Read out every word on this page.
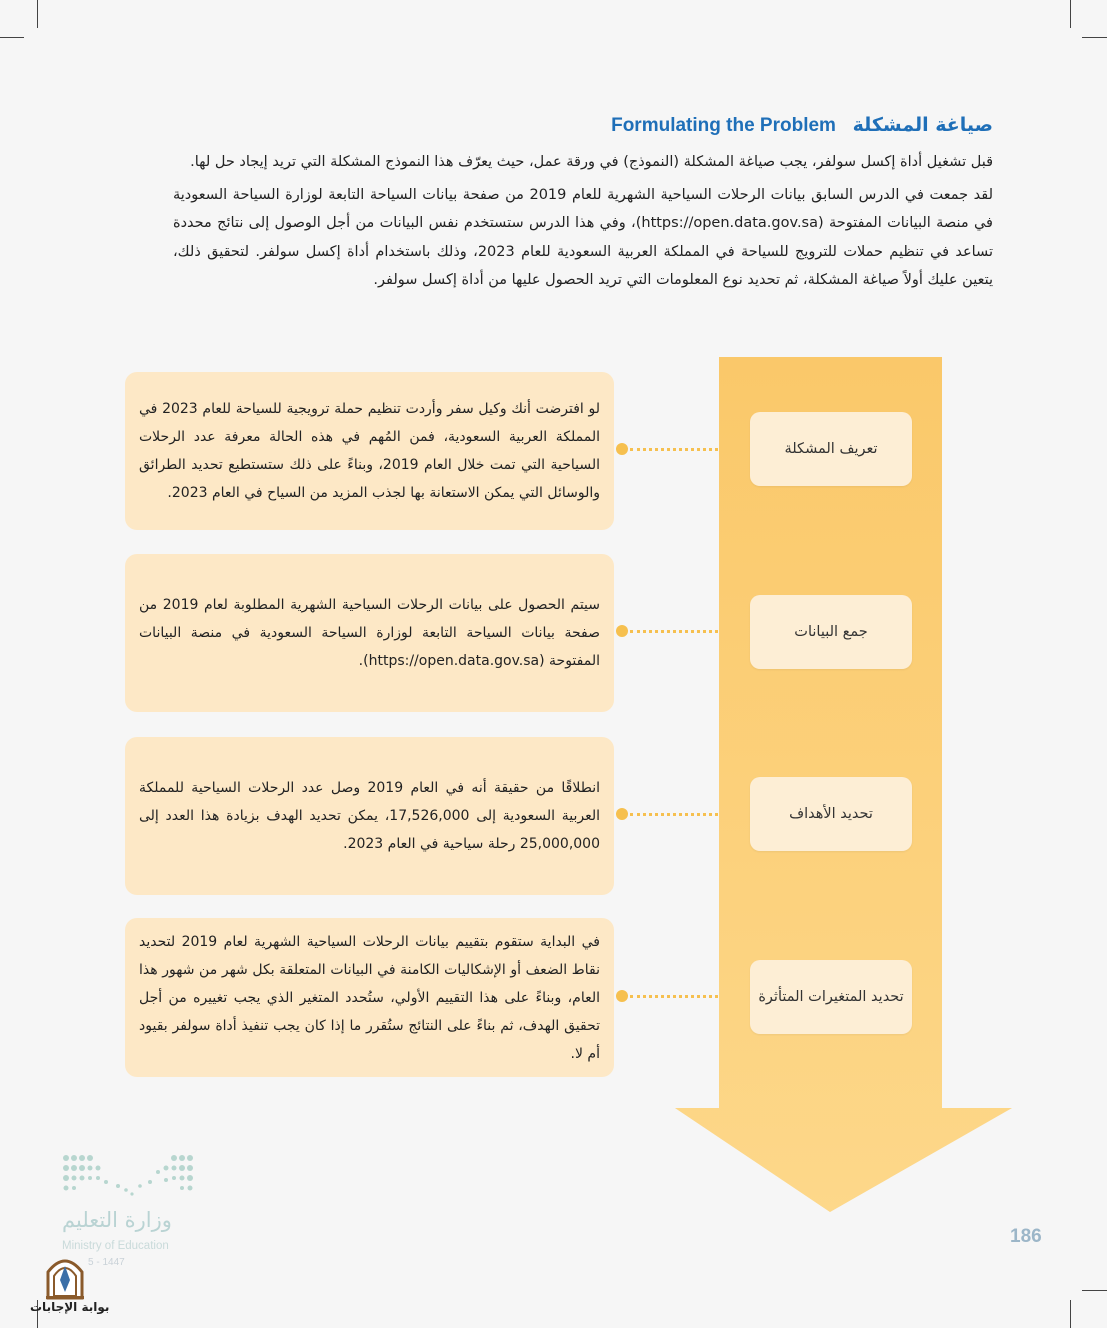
صياغة المشكلة Formulating the Problem

قبل تشغيل أداة إكسل سولفر، يجب صياغة المشكلة (النموذج) في ورقة عمل، حيث يعرّف هذا النموذج المشكلة التي تريد إيجاد حل لها.

لقد جمعت في الدرس السابق بيانات الرحلات السياحية الشهرية للعام 2019 من صفحة بيانات السياحة التابعة لوزارة السياحة السعودية في منصة البيانات المفتوحة (https://open.data.gov.sa)، وفي هذا الدرس ستستخدم نفس البيانات من أجل الوصول إلى نتائج محددة تساعد في تنظيم حملات للترويج للسياحة في المملكة العربية السعودية للعام 2023، وذلك باستخدام أداة إكسل سولفر. لتحقيق ذلك، يتعين عليك أولاً صياغة المشكلة، ثم تحديد نوع المعلومات التي تريد الحصول عليها من أداة إكسل سولفر.

لو افترضت أنك وكيل سفر وأردت تنظيم حملة ترويجية للسياحة للعام 2023 في المملكة العربية السعودية، فمن المُهم في هذه الحالة معرفة عدد الرحلات السياحية التي تمت خلال العام 2019، وبناءً على ذلك ستستطيع تحديد الطرائق والوسائل التي يمكن الاستعانة بها لجذب المزيد من السياح في العام 2023.
تعريف المشكلة
سيتم الحصول على بيانات الرحلات السياحية الشهرية المطلوبة لعام 2019 من صفحة بيانات السياحة التابعة لوزارة السياحة السعودية في منصة البيانات المفتوحة (https://open.data.gov.sa).
جمع البيانات
انطلاقًا من حقيقة أنه في العام 2019 وصل عدد الرحلات السياحية للمملكة العربية السعودية إلى 17,526,000، يمكن تحديد الهدف بزيادة هذا العدد إلى 25,000,000 رحلة سياحية في العام 2023.
تحديد الأهداف
في البداية ستقوم بتقييم بيانات الرحلات السياحية الشهرية لعام 2019 لتحديد نقاط الضعف أو الإشكاليات الكامنة في البيانات المتعلقة بكل شهر من شهور هذا العام، وبناءً على هذا التقييم الأولي، ستُحدد المتغير الذي يجب تغييره من أجل تحقيق الهدف، ثم بناءً على النتائج ستُقرر ما إذا كان يجب تنفيذ أداة سولفر بقيود أم لا.
تحديد المتغيرات المتأثرة
186
وزارة التعليم
Ministry of Education
5 - 1447
بوابة الإجابات
